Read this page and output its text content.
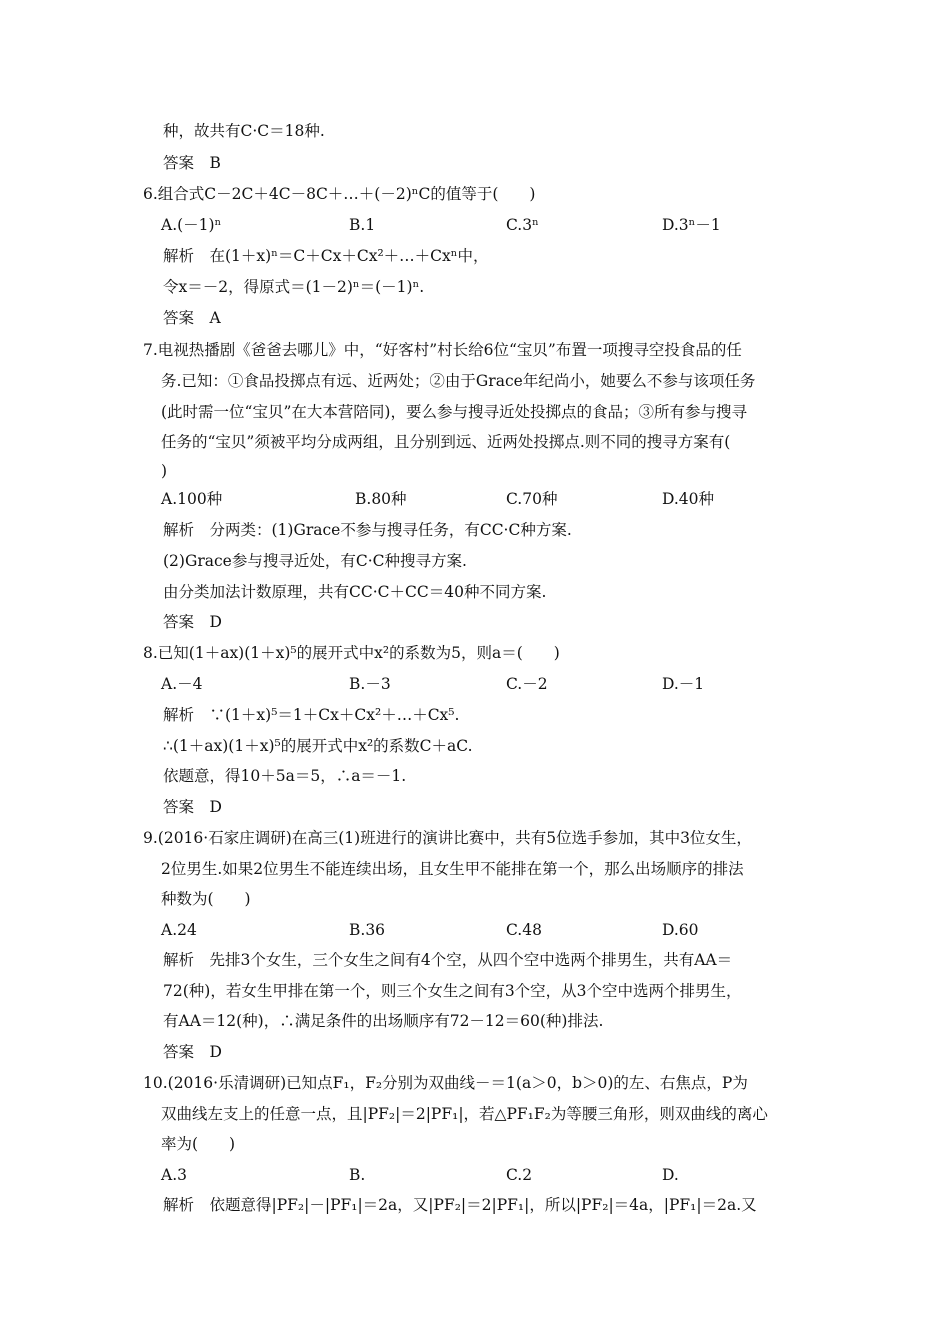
种，故共有C·C＝18种.
答案　B
6.组合式C－2C＋4C－8C＋…＋(－2)ⁿC的值等于(　　)
A.(－1)ⁿ	B.1	C.3ⁿ	D.3ⁿ－1
解析　在(1＋x)ⁿ＝C＋Cx＋Cx²＋…＋Cxⁿ中，
令x＝－2，得原式＝(1－2)ⁿ＝(－1)ⁿ.
答案　A
7.电视热播剧《爸爸去哪儿》中，“好客村”村长给6位“宝贝”布置一项搜寻空投食品的任
务.已知：①食品投掷点有远、近两处；②由于Grace年纪尚小，她要么不参与该项任务
(此时需一位“宝贝”在大本营陪同)，要么参与搜寻近处投掷点的食品；③所有参与搜寻
任务的“宝贝”须被平均分成两组，且分别到远、近两处投掷点.则不同的搜寻方案有(
)
A.100种	B.80种	C.70种	D.40种
解析　分两类：(1)Grace不参与搜寻任务，有CC·C种方案.
(2)Grace参与搜寻近处，有C·C种搜寻方案.
由分类加法计数原理，共有CC·C＋CC＝40种不同方案.
答案　D
8.已知(1＋ax)(1＋x)⁵的展开式中x²的系数为5，则a＝(　　)
A.－4	B.－3	C.－2	D.－1
解析　∵(1＋x)⁵＝1＋Cx＋Cx²＋…＋Cx⁵.
∴(1＋ax)(1＋x)⁵的展开式中x²的系数C＋aC.
依题意，得10＋5a＝5，∴a＝－1.
答案　D
9.(2016·石家庄调研)在高三(1)班进行的演讲比赛中，共有5位选手参加，其中3位女生，
2位男生.如果2位男生不能连续出场，且女生甲不能排在第一个，那么出场顺序的排法
种数为(　　)
A.24	B.36	C.48	D.60
解析　先排3个女生，三个女生之间有4个空，从四个空中选两个排男生，共有AA＝
72(种)，若女生甲排在第一个，则三个女生之间有3个空，从3个空中选两个排男生，
有AA＝12(种)，∴满足条件的出场顺序有72－12＝60(种)排法.
答案　D
10.(2016·乐清调研)已知点F₁，F₂分别为双曲线－＝1(a＞0，b＞0)的左、右焦点，P为
双曲线左支上的任意一点，且|PF₂|＝2|PF₁|，若△PF₁F₂为等腰三角形，则双曲线的离心
率为(　　)
A.3	B.	C.2	D.
解析　依题意得|PF₂|－|PF₁|＝2a，又|PF₂|＝2|PF₁|，所以|PF₂|＝4a，|PF₁|＝2a.又
